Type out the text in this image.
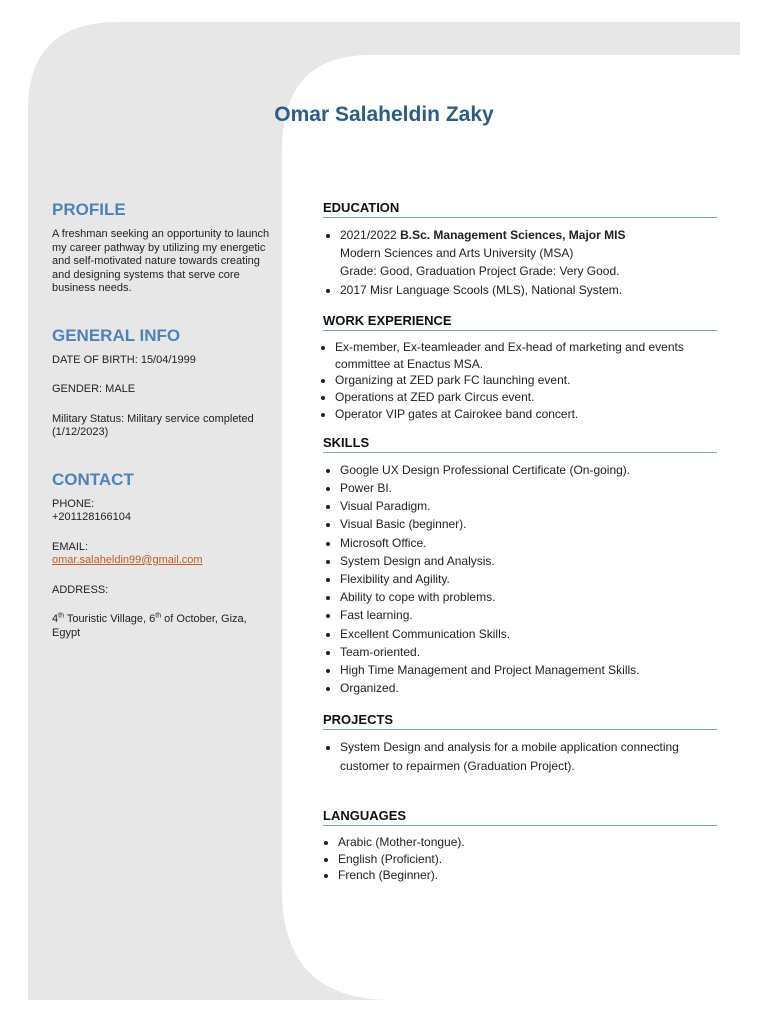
Omar Salaheldin Zaky
PROFILE

A freshman seeking an opportunity to launch my career pathway by utilizing my energetic and self-motivated nature towards creating and designing systems that serve core business needs.

GENERAL INFO

DATE OF BIRTH: 15/04/1999

GENDER: MALE

Military Status: Military service completed (1/12/2023)

CONTACT

PHONE:

+201128166104

EMAIL:

omar.salaheldin99@gmail.com

ADDRESS:

4th Touristic Village, 6th of October, Giza, Egypt

EDUCATION
• 2021/2022 B.Sc. Management Sciences, Major MIS
Modern Sciences and Arts University (MSA)
Grade: Good, Graduation Project Grade: Very Good.
• 2017 Misr Language Scools (MLS), National System.
WORK EXPERIENCE
• Ex-member, Ex-teamleader and Ex-head of marketing and events committee at Enactus MSA.
• Organizing at ZED park FC launching event.
• Operations at ZED park Circus event.
• Operator VIP gates at Cairokee band concert.
SKILLS
• Google UX Design Professional Certificate (On-going).
• Power BI.
• Visual Paradigm.
• Visual Basic (beginner).
• Microsoft Office.
• System Design and Analysis.
• Flexibility and Agility.
• Ability to cope with problems.
• Fast learning.
• Excellent Communication Skills.
• Team-oriented.
• High Time Management and Project Management Skills.
• Organized.
PROJECTS
• System Design and analysis for a mobile application connecting customer to repairmen (Graduation Project).
LANGUAGES
• Arabic (Mother-tongue).
• English (Proficient).
• French (Beginner).
